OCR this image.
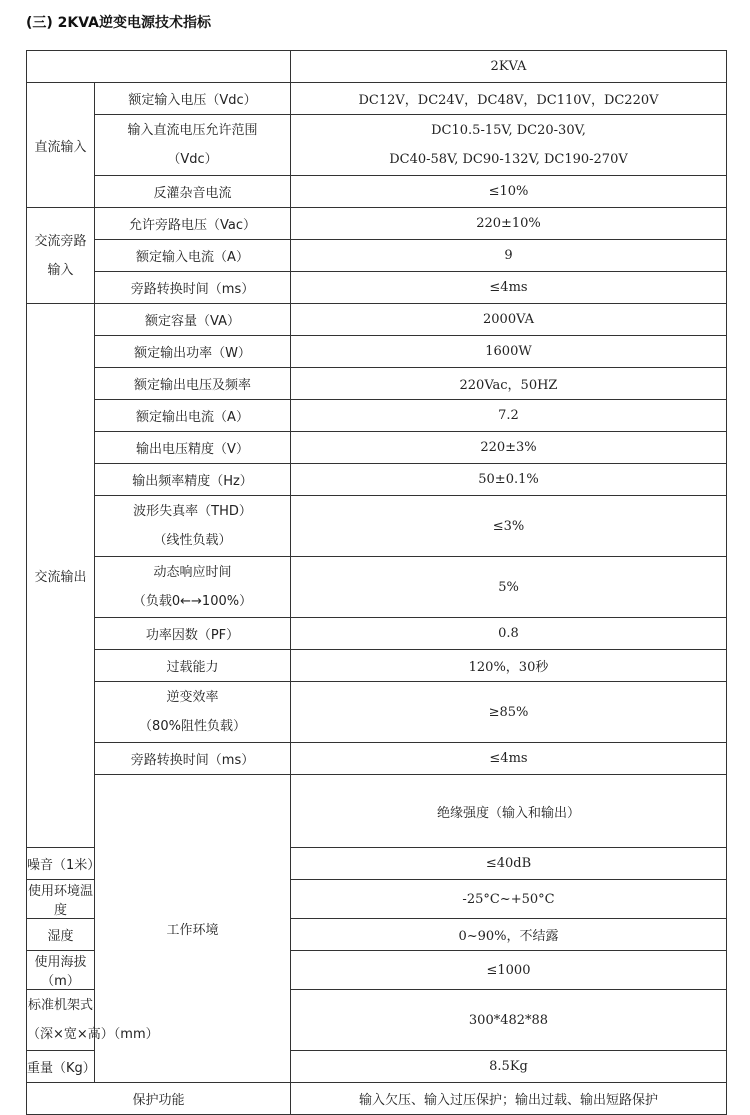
(三) 2KVA逆变电源技术指标
		2KVA	
直流输入	额定输入电压（Vdc）	DC12V，DC24V，DC48V，DC110V，DC220V	

	输入直流电压允许范围
（Vdc）	DC10.5-15V, DC20-30V,
DC40-58V, DC90-132V, DC190-270V	

	反灌杂音电流	≤10%	

交流旁路
输入	允许旁路电压（Vac）	220±10%	
	额定输入电流（A）	9	
	旁路转换时间（ms）	≤4ms	
交流输出	额定容量（VA）	2000VA	
	额定输出功率（W）	1600W	
	额定输出电压及频率	220Vac，50HZ	
	额定输出电流（A）	7.2	
	输出电压精度（V）	220±3%	
	输出频率精度（Hz）	50±0.1%	

	波形失真率（THD）
（线性负载）	≤3%	

	动态响应时间
（负载0←→100%）	5%	
	功率因数（PF）	0.8	
	过载能力	120%，30秒	

	逆变效率
（80%阻性负载）	≥85%	
	旁路转换时间（ms）	≤4ms	
	工作环境	绝缘强度（输入和输出）	
噪音（1米）		≤40dB	
使用环境温度		-25°C~+50°C	
湿度		0~90%，不结露	
使用海拔（m）		≤1000	

标准机架式
（深×宽×高）（mm）		300*482*88	
重量（Kg）		8.5Kg	
保护功能		输入欠压、输入过压保护；输出过载、输出短路保护	
